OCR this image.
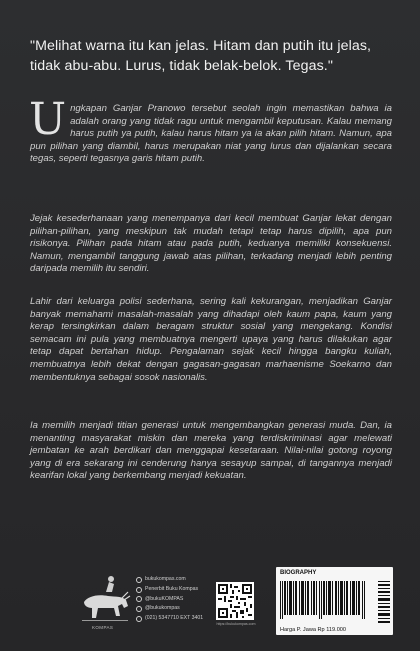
"Melihat warna itu kan jelas. Hitam dan putih itu jelas, tidak abu-abu. Lurus, tidak belak-belok. Tegas."
Ungkapan Ganjar Pranowo tersebut seolah ingin memastikan bahwa ia adalah orang yang tidak ragu untuk mengambil keputusan. Kalau memang harus putih ya putih, kalau harus hitam ya ia akan pilih hitam. Namun, apa pun pilihan yang diambil, harus merupakan niat yang lurus dan dijalankan secara tegas, seperti tegasnya garis hitam putih.
Jejak kesederhanaan yang menempanya dari kecil membuat Ganjar lekat dengan pilihan-pilihan, yang meskipun tak mudah tetapi tetap harus dipilih, apa pun risikonya. Pilihan pada hitam atau pada putih, keduanya memiliki konsekuensi. Namun, mengambil tanggung jawab atas pilihan, terkadang menjadi lebih penting daripada memilih itu sendiri.
Lahir dari keluarga polisi sederhana, sering kali kekurangan, menjadikan Ganjar banyak memahami masalah-masalah yang dihadapi oleh kaum papa, kaum yang kerap tersingkirkan dalam beragam struktur sosial yang mengekang. Kondisi semacam ini pula yang membuatnya mengerti upaya yang harus dilakukan agar tetap dapat bertahan hidup. Pengalaman sejak kecil hingga bangku kuliah, membuatnya lebih dekat dengan gagasan-gagasan marhaenisme Soekarno dan membentuknya sebagai sosok nasionalis.
Ia memilih menjadi titian generasi untuk mengembangkan generasi muda. Dan, ia menanting masyarakat miskin dan mereka yang terdiskriminasi agar melewati jembatan ke arah berdikari dan menggapai kesetaraan. Nilai-nilai gotong royong yang di era sekarang ini cenderung hanya sesayup sampai, di tangannya menjadi kearifan lokal yang berkembang menjadi kekuatan.
KOMPAS
bukukompas.com
Penerbit Buku Kompas
@bukuKOMPAS
@bukukompas
(021) 5347710 EXT 3401
https://bukukompas.com
BIOGRAPHY
Harga P. Jawa Rp 119.000
